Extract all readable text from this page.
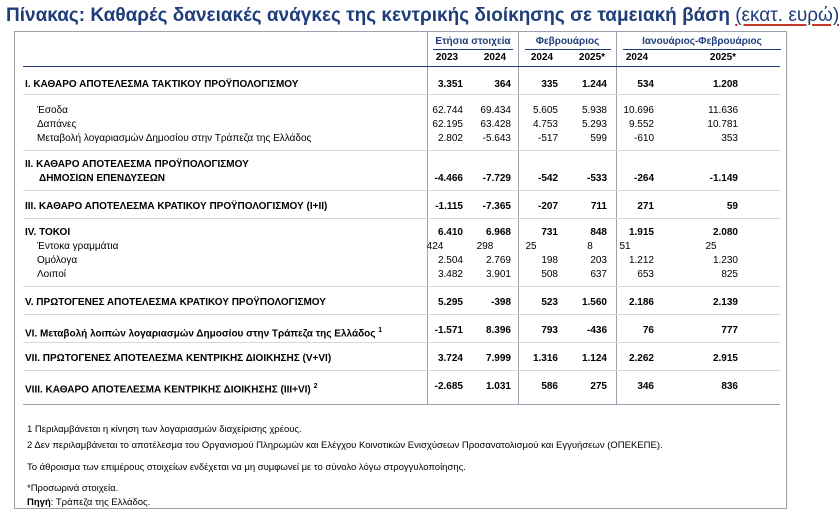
Πίνακας: Καθαρές δανειακές ανάγκες της κεντρικής διοίκησης σε ταμειακή βάση (εκατ. ευρώ)
Ετήσια στοιχεία	Φεβρουάριος	Ιανουάριος-Φεβρουάριος
2023	2024	2024	2025*	2024	2025*
I. ΚΑΘΑΡΟ ΑΠΟΤΕΛΕΣΜΑ ΤΑΚΤΙΚΟΥ ΠΡΟΫΠΟΛΟΓΙΣΜΟΥ	3.351	364	335	1.244	534	1.208
Έσοδα	62.744	69.434	5.605	5.938	10.696	11.636
Δαπάνες	62.195	63.428	4.753	5.293	9.552	10.781
Μεταβολή λογαριασμών Δημοσίου στην Τράπεζα της Ελλάδος	2.802	-5.643	-517	599	-610	353
II. ΚΑΘΑΡΟ ΑΠΟΤΕΛΕΣΜΑ ΠΡΟΫΠΟΛΟΓΙΣΜΟΥ
ΔΗΜΟΣΙΩΝ ΕΠΕΝΔΥΣΕΩΝ	-4.466	-7.729	-542	-533	-264	-1.149
III. ΚΑΘΑΡΟ ΑΠΟΤΕΛΕΣΜΑ ΚΡΑΤΙΚΟΥ ΠΡΟΫΠΟΛΟΓΙΣΜΟΥ (I+II)	-1.115	-7.365	-207	711	271	59
IV. ΤΟΚΟΙ	6.410	6.968	731	848	1.915	2.080
Έντοκα γραμμάτια	424	298	25	8	51	25
Ομόλογα	2.504	2.769	198	203	1.212	1.230
Λοιποί	3.482	3.901	508	637	653	825
V. ΠΡΩΤΟΓΕΝΕΣ ΑΠΟΤΕΛΕΣΜΑ ΚΡΑΤΙΚΟΥ ΠΡΟΫΠΟΛΟΓΙΣΜΟΥ	5.295	-398	523	1.560	2.186	2.139
VI. Μεταβολή λοιπών λογαριασμών Δημοσίου στην Τράπεζα της Ελλάδος $^1$	-1.571	8.396	793	-436	76	777
VII. ΠΡΩΤΟΓΕΝΕΣ ΑΠΟΤΕΛΕΣΜΑ ΚΕΝΤΡΙΚΗΣ ΔΙΟΙΚΗΣΗΣ (V+VI)	3.724	7.999	1.316	1.124	2.262	2.915
VIII. ΚΑΘΑΡΟ ΑΠΟΤΕΛΕΣΜΑ ΚΕΝΤΡΙΚΗΣ ΔΙΟΙΚΗΣΗΣ (III+VI) $^2$	-2.685	1.031	586	275	346	836
1 Περιλαμβάνεται η κίνηση των λογαριασμών διαχείρισης χρέους.
2 Δεν περιλαμβάνεται το αποτέλεσμα του Οργανισμού Πληρωμών και Ελέγχου Κοινοτικών Ενισχύσεων Προσανατολισμού και Εγγυήσεων (ΟΠΕΚΕΠΕ).
Το άθροισμα των επιμέρους στοιχείων ενδέχεται να μη συμφωνεί με το σύνολο λόγω στρογγυλοποίησης.
*Προσωρινά στοιχεία.
Πηγή: Τράπεζα της Ελλάδος.
